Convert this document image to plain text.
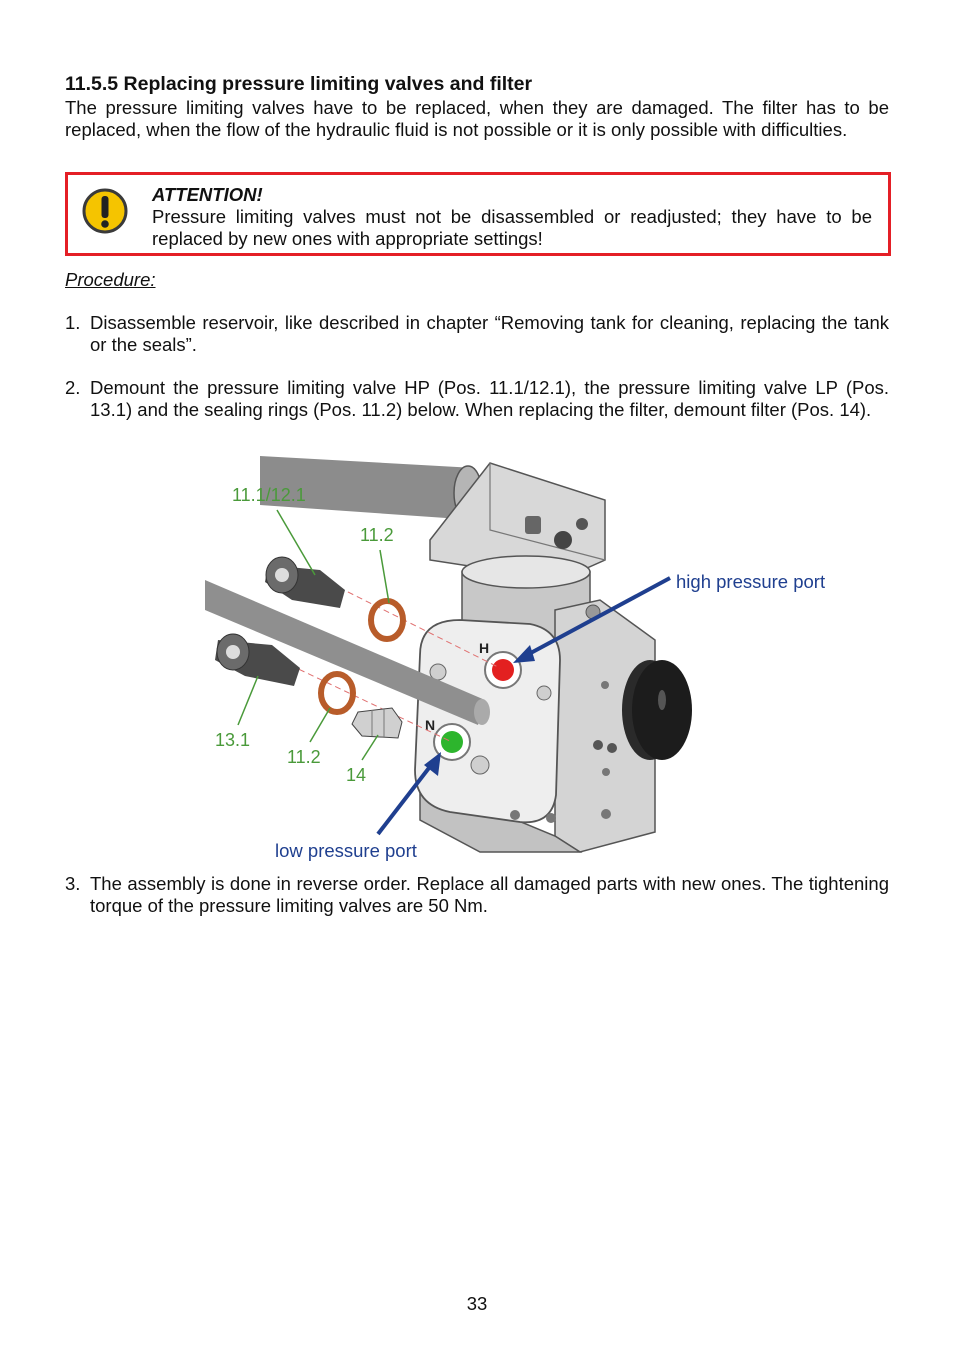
11.5.5 Replacing pressure limiting valves and filter
The pressure limiting valves have to be replaced, when they are damaged. The filter has to be replaced, when the flow of the hydraulic fluid is not possible or it is only possible with difficulties.
ATTENTION!
Pressure limiting valves must not be disassembled or readjusted; they have to be replaced by new ones with appropriate settings!
Procedure:
1. Disassemble reservoir, like described in chapter “Removing tank for cleaning, replacing the tank or the seals”.
2. Demount the pressure limiting valve HP (Pos. 11.1/12.1), the pressure limiting valve LP (Pos. 13.1) and the sealing rings (Pos. 11.2) below. When replacing the filter, demount filter (Pos. 14).
H
N
11.1/12.1
11.2
13.1
11.2
14
high pressure port
low pressure port
3. The assembly is done in reverse order. Replace all damaged parts with new ones. The tightening torque of the pressure limiting valves are 50 Nm.
33
